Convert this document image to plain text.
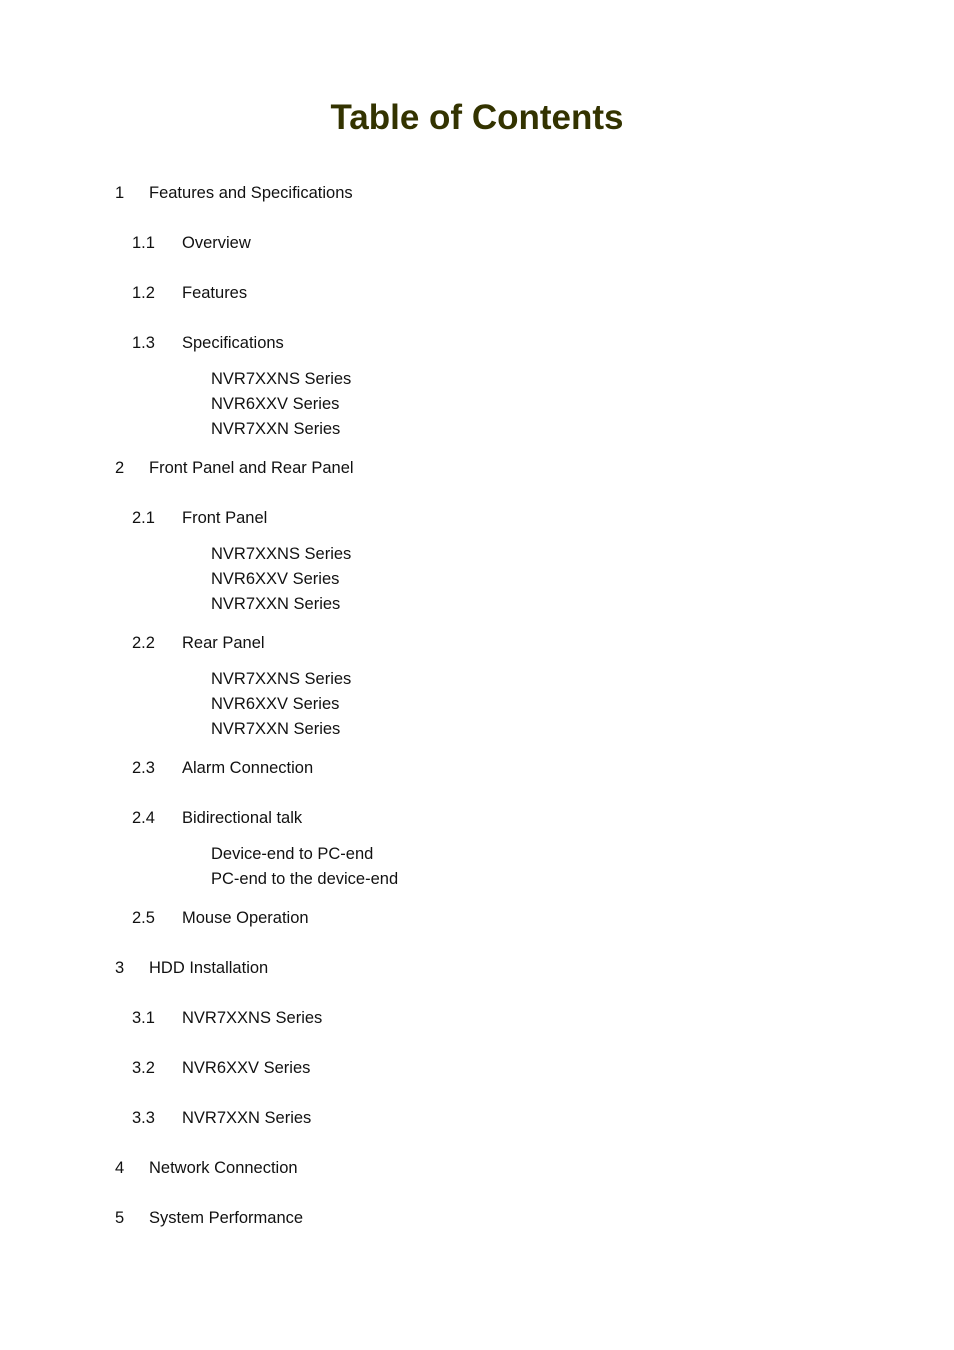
Table of Contents
1 Features and Specifications
1.1 Overview
1.2 Features
1.3 Specifications
NVR7XXNS Series
NVR6XXV Series
NVR7XXN Series
2 Front Panel and Rear Panel
2.1 Front Panel
NVR7XXNS Series
NVR6XXV Series
NVR7XXN Series
2.2 Rear Panel
NVR7XXNS Series
NVR6XXV Series
NVR7XXN Series
2.3 Alarm Connection
2.4 Bidirectional talk
Device-end to PC-end
PC-end to the device-end
2.5 Mouse Operation
3 HDD Installation
3.1 NVR7XXNS Series
3.2 NVR6XXV Series
3.3 NVR7XXN Series
4 Network Connection
5 System Performance
